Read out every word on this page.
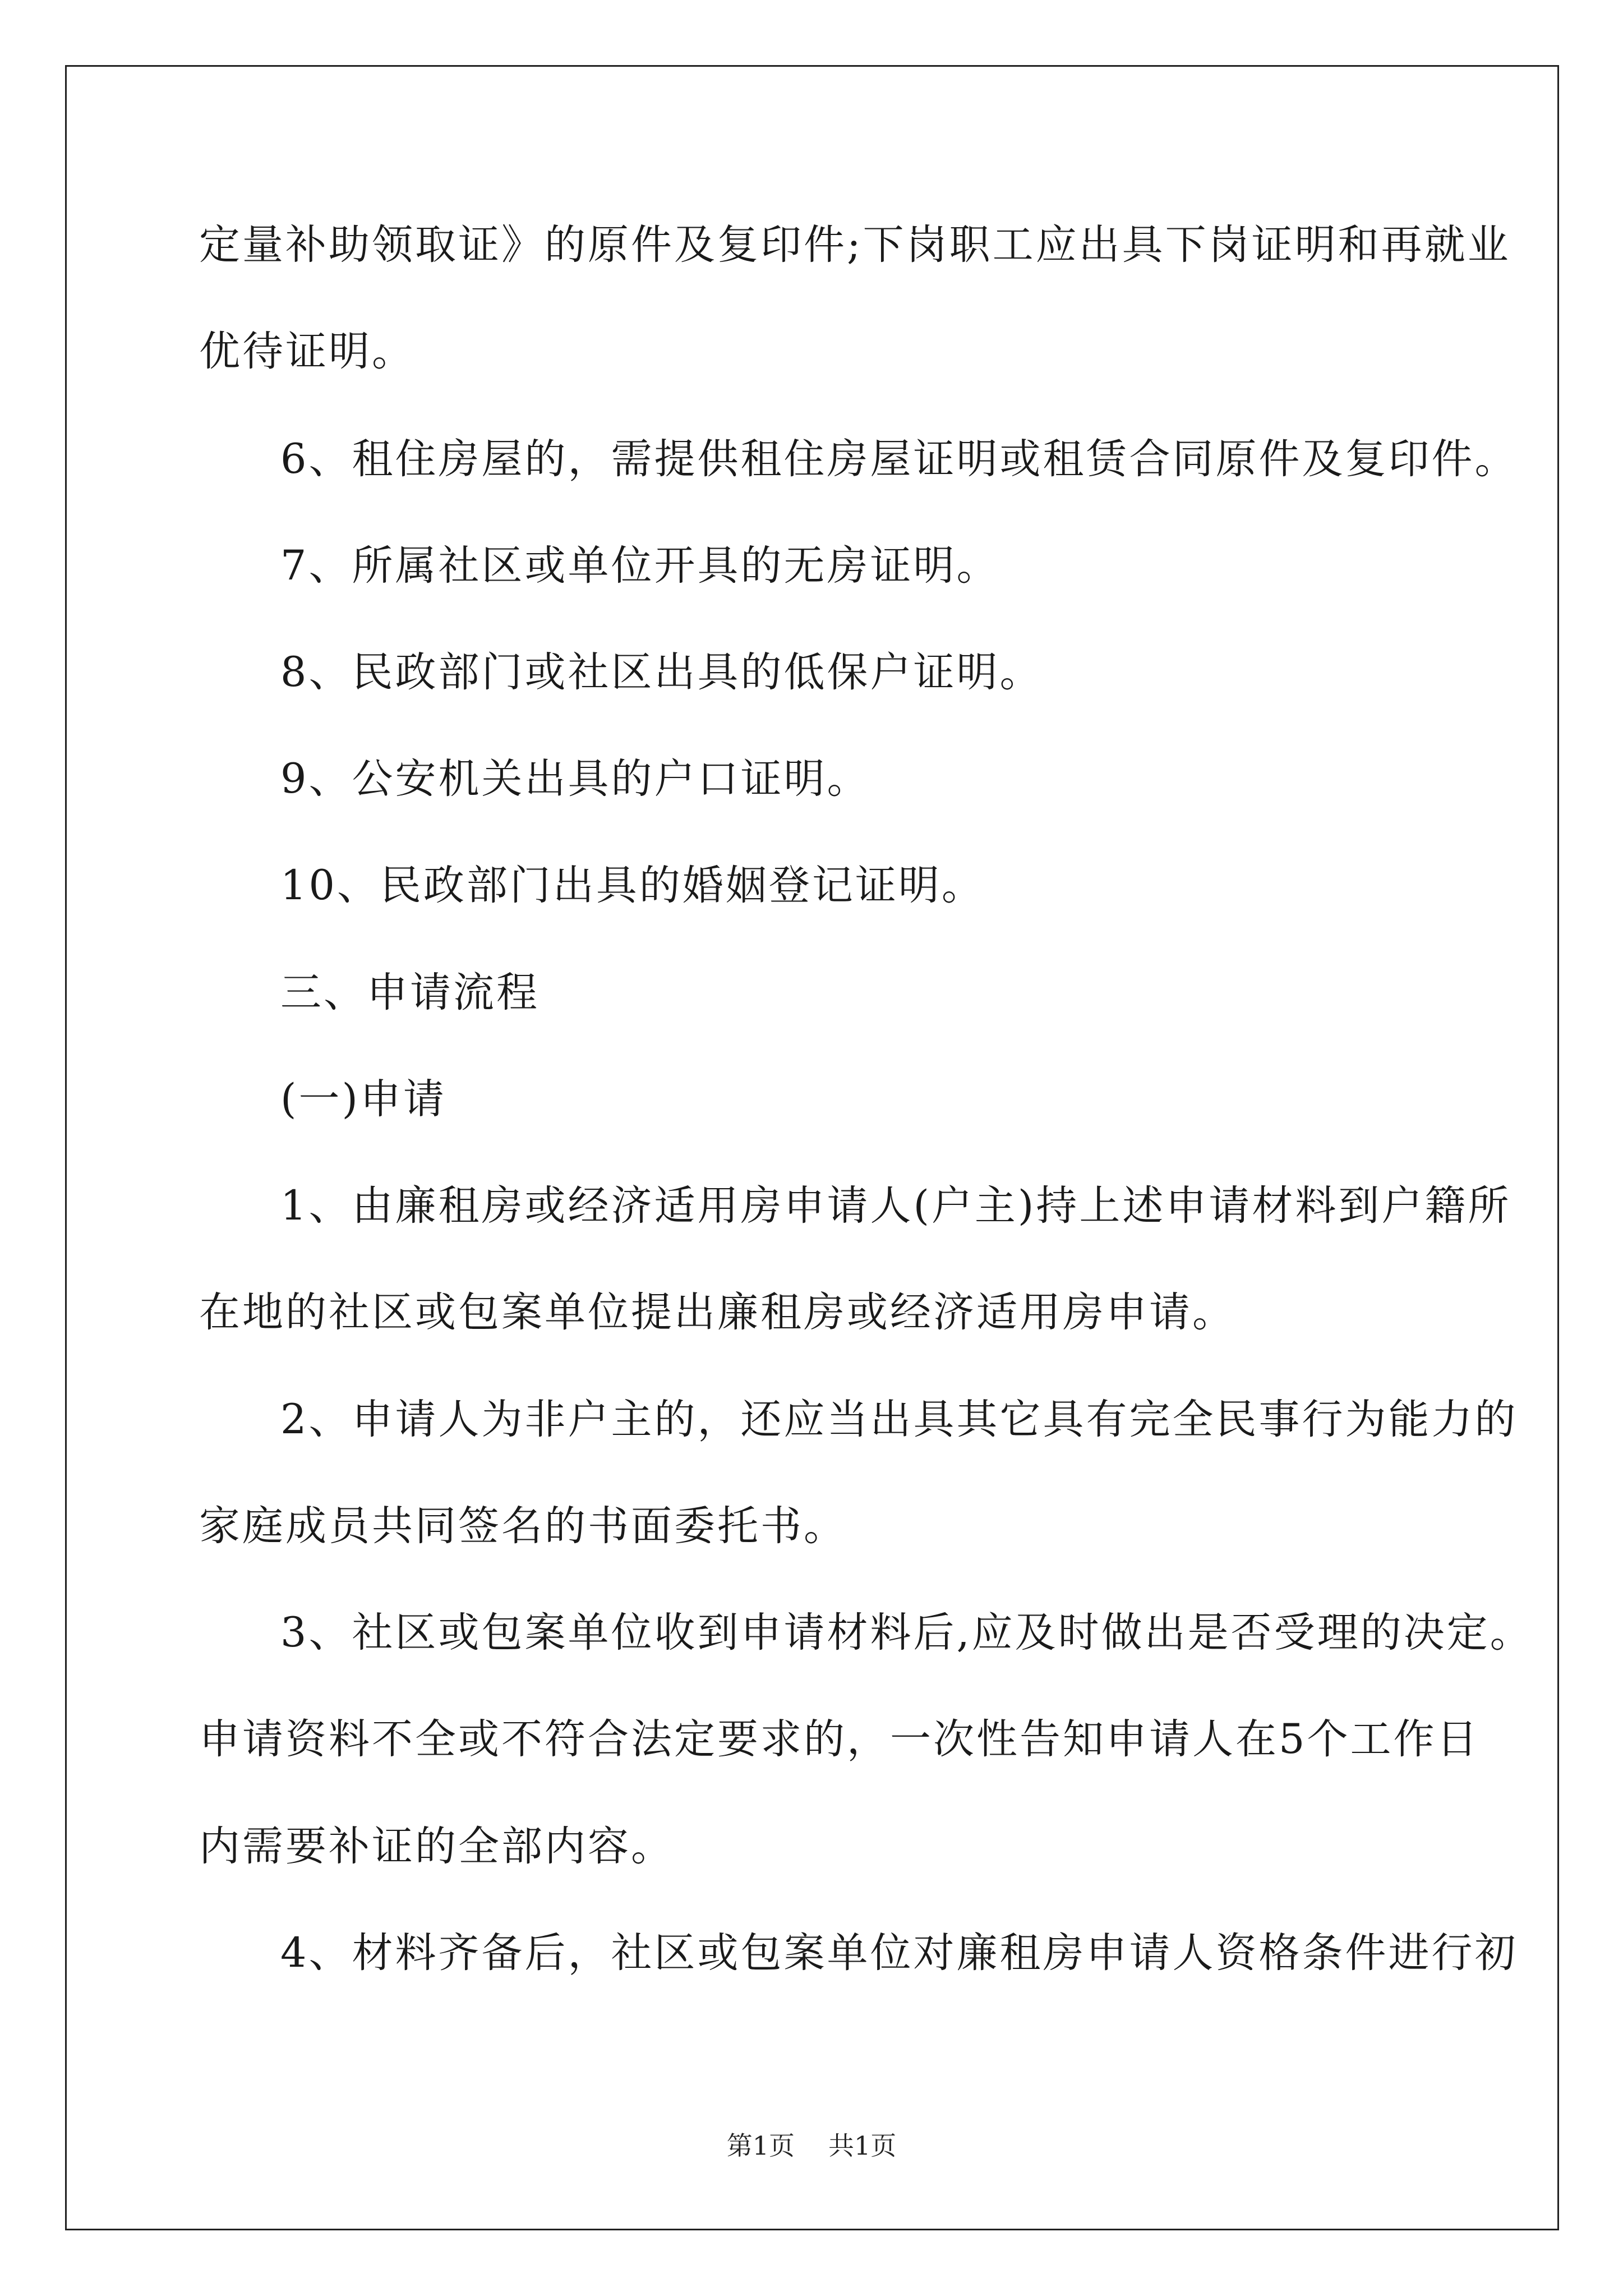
定量补助领取证》的原件及复印件;下岗职工应出具下岗证明和再就业
优待证明。
6、租住房屋的，需提供租住房屋证明或租赁合同原件及复印件。
7、所属社区或单位开具的无房证明。
8、民政部门或社区出具的低保户证明。
9、公安机关出具的户口证明。
10、民政部门出具的婚姻登记证明。
三、申请流程
(一)申请
1、由廉租房或经济适用房申请人(户主)持上述申请材料到户籍所
在地的社区或包案单位提出廉租房或经济适用房申请。
2、申请人为非户主的，还应当出具其它具有完全民事行为能力的
家庭成员共同签名的书面委托书。
3、社区或包案单位收到申请材料后,应及时做出是否受理的决定。
申请资料不全或不符合法定要求的，一次性告知申请人在5个工作日
内需要补证的全部内容。
4、材料齐备后，社区或包案单位对廉租房申请人资格条件进行初
第1页 共1页
